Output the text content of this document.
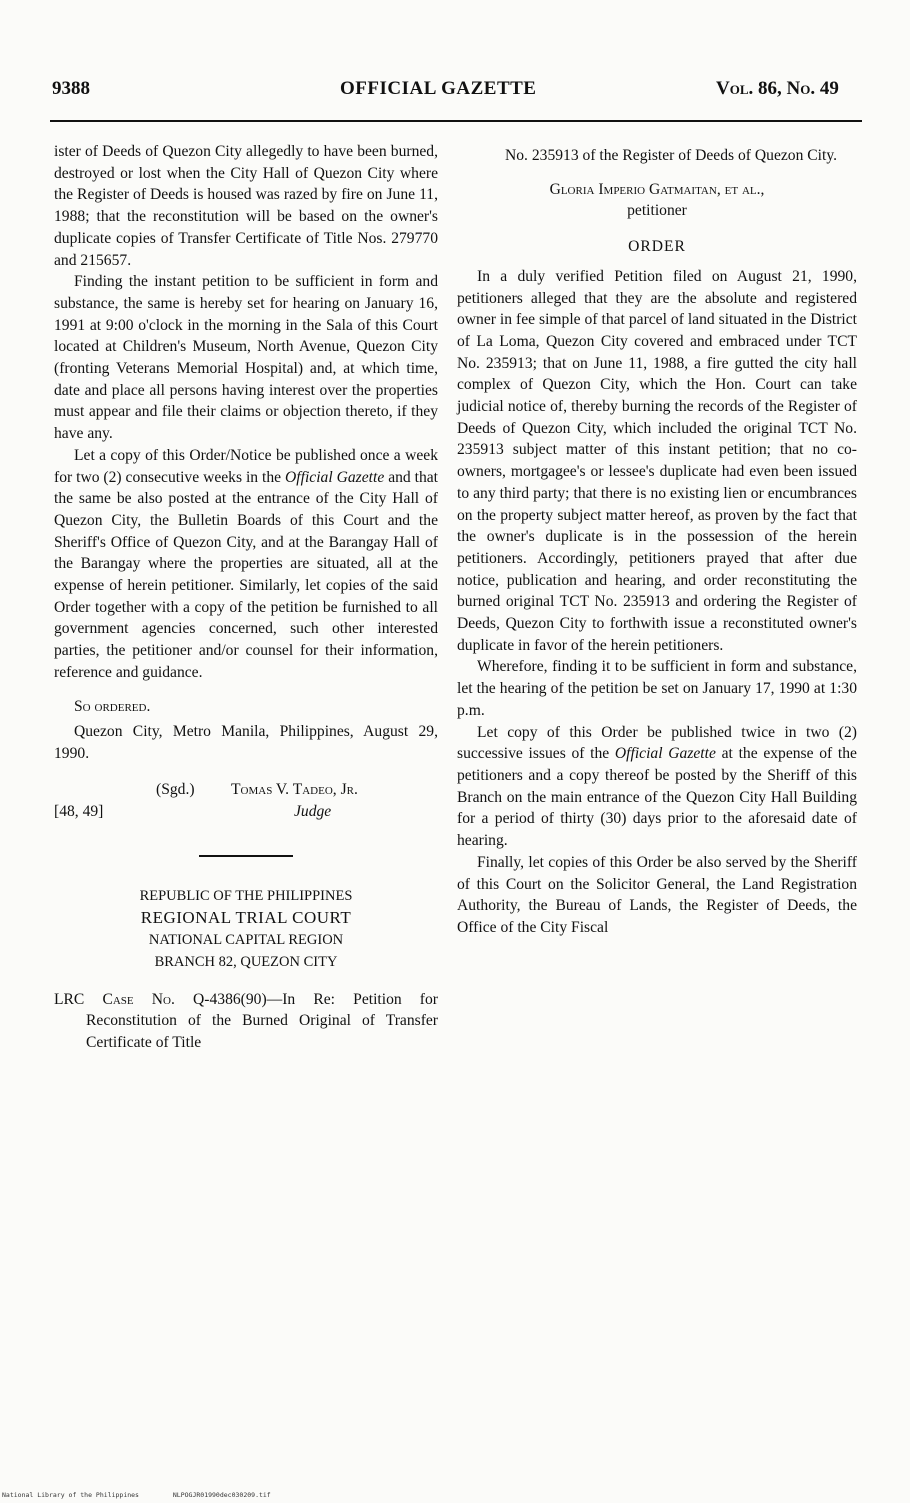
9388	OFFICIAL GAZETTE	Vol. 86, No. 49

ister of Deeds of Quezon City allegedly to have been burned, destroyed or lost when the City Hall of Quezon City where the Register of Deeds is housed was razed by fire on June 11, 1988; that the reconstitution will be based on the owner's duplicate copies of Transfer Certificate of Title Nos. 279770 and 215657.

Finding the instant petition to be sufficient in form and substance, the same is hereby set for hearing on January 16, 1991 at 9:00 o'clock in the morning in the Sala of this Court located at Children's Museum, North Avenue, Quezon City (fronting Veterans Memorial Hospital) and, at which time, date and place all persons having interest over the properties must appear and file their claims or objection thereto, if they have any.

Let a copy of this Order/Notice be published once a week for two (2) consecutive weeks in the Official Gazette and that the same be also posted at the entrance of the City Hall of Quezon City, the Bulletin Boards of this Court and the Sheriff's Office of Quezon City, and at the Barangay Hall of the Barangay where the properties are situated, all at the expense of herein petitioner. Similarly, let copies of the said Order together with a copy of the petition be furnished to all government agencies concerned, such other interested parties, the petitioner and/or counsel for their information, reference and guidance.

So ordered.

Quezon City, Metro Manila, Philippines, August 29, 1990.

(Sgd.) Tomas V. Tadeo, Jr.
[48, 49]	Judge
REPUBLIC OF THE PHILIPPINES
REGIONAL TRIAL COURT
NATIONAL CAPITAL REGION
BRANCH 82, QUEZON CITY

LRC Case No. Q-4386(90)—In Re: Petition for Reconstitution of the Burned Original of Transfer Certificate of Title

No. 235913 of the Register of Deeds of Quezon City.

Gloria Imperio Gatmaitan, et al.,

petitioner

ORDER

In a duly verified Petition filed on August 21, 1990, petitioners alleged that they are the absolute and registered owner in fee simple of that parcel of land situated in the District of La Loma, Quezon City covered and embraced under TCT No. 235913; that on June 11, 1988, a fire gutted the city hall complex of Quezon City, which the Hon. Court can take judicial notice of, thereby burning the records of the Register of Deeds of Quezon City, which included the original TCT No. 235913 subject matter of this instant petition; that no co-owners, mortgagee's or lessee's duplicate had even been issued to any third party; that there is no existing lien or encumbrances on the property subject matter hereof, as proven by the fact that the owner's duplicate is in the possession of the herein petitioners. Accordingly, petitioners prayed that after due notice, publication and hearing, and order reconstituting the burned original TCT No. 235913 and ordering the Register of Deeds, Quezon City to forthwith issue a reconstituted owner's duplicate in favor of the herein petitioners.

Wherefore, finding it to be sufficient in form and substance, let the hearing of the petition be set on January 17, 1990 at 1:30 p.m.

Let copy of this Order be published twice in two (2) successive issues of the Official Gazette at the expense of the petitioners and a copy thereof be posted by the Sheriff of this Branch on the main entrance of the Quezon City Hall Building for a period of thirty (30) days prior to the aforesaid date of hearing.

Finally, let copies of this Order be also served by the Sheriff of this Court on the Solicitor General, the Land Registration Authority, the Bureau of Lands, the Register of Deeds, the Office of the City Fiscal

National Library of the Philippines	NLPOGJR01990dec030209.tif
